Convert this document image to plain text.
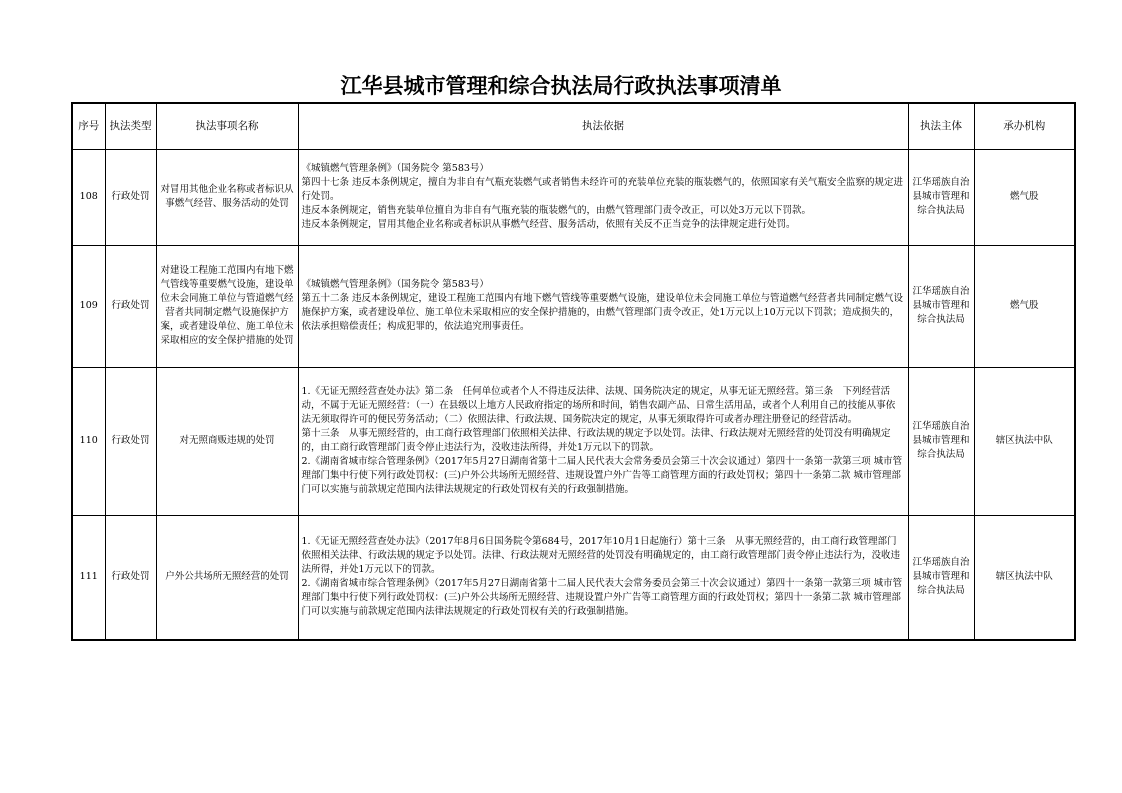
江华县城市管理和综合执法局行政执法事项清单
序号	执法类型	执法事项名称	执法依据	执法主体	承办机构
108	行政处罚	对冒用其他企业名称或者标识从事燃气经营、服务活动的处罚	《城镇燃气管理条例》（国务院令 第583号）

第四十七条 违反本条例规定，擅自为非自有气瓶充装燃气或者销售未经许可的充装单位充装的瓶装燃气的，依照国家有关气瓶安全监察的规定进行处罚。

违反本条例规定，销售充装单位擅自为非自有气瓶充装的瓶装燃气的，由燃气管理部门责令改正，可以处3万元以下罚款。

违反本条例规定，冒用其他企业名称或者标识从事燃气经营、服务活动，依照有关反不正当竞争的法律规定进行处罚。	江华瑶族自治县城市管理和综合执法局	燃气股
109	行政处罚	对建设工程施工范围内有地下燃气管线等重要燃气设施，建设单位未会同施工单位与管道燃气经营者共同制定燃气设施保护方案，或者建设单位、施工单位未采取相应的安全保护措施的处罚	《城镇燃气管理条例》（国务院令 第583号）

第五十二条 违反本条例规定，建设工程施工范围内有地下燃气管线等重要燃气设施，建设单位未会同施工单位与管道燃气经营者共同制定燃气设施保护方案，或者建设单位、施工单位未采取相应的安全保护措施的，由燃气管理部门责令改正，处1万元以上10万元以下罚款；造成损失的，依法承担赔偿责任；构成犯罪的，依法追究刑事责任。	江华瑶族自治县城市管理和综合执法局	燃气股
110	行政处罚	对无照商贩违规的处罚	1.《无证无照经营查处办法》第二条　任何单位或者个人不得违反法律、法规、国务院决定的规定，从事无证无照经营。第三条　下列经营活动，不属于无证无照经营：（一）在县级以上地方人民政府指定的场所和时间，销售农副产品、日常生活用品，或者个人利用自己的技能从事依法无须取得许可的便民劳务活动；（二）依照法律、行政法规、国务院决定的规定，从事无须取得许可或者办理注册登记的经营活动。

第十三条　从事无照经营的，由工商行政管理部门依照相关法律、行政法规的规定予以处罚。法律、行政法规对无照经营的处罚没有明确规定的，由工商行政管理部门责令停止违法行为，没收违法所得，并处1万元以下的罚款。

2.《湖南省城市综合管理条例》（2017年5月27日湖南省第十二届人民代表大会常务委员会第三十次会议通过）第四十一条第一款第三项 城市管理部门集中行使下列行政处罚权：(三)户外公共场所无照经营、违规设置户外广告等工商管理方面的行政处罚权；第四十一条第二款 城市管理部门可以实施与前款规定范围内法律法规规定的行政处罚权有关的行政强制措施。	江华瑶族自治县城市管理和综合执法局	辖区执法中队
111	行政处罚	户外公共场所无照经营的处罚	1.《无证无照经营查处办法》（2017年8月6日国务院令第684号，2017年10月1日起施行）第十三条　从事无照经营的，由工商行政管理部门依照相关法律、行政法规的规定予以处罚。法律、行政法规对无照经营的处罚没有明确规定的，由工商行政管理部门责令停止违法行为，没收违法所得，并处1万元以下的罚款。

2.《湖南省城市综合管理条例》（2017年5月27日湖南省第十二届人民代表大会常务委员会第三十次会议通过）第四十一条第一款第三项 城市管理部门集中行使下列行政处罚权：(三)户外公共场所无照经营、违规设置户外广告等工商管理方面的行政处罚权；第四十一条第二款 城市管理部门可以实施与前款规定范围内法律法规规定的行政处罚权有关的行政强制措施。	江华瑶族自治县城市管理和综合执法局	辖区执法中队
